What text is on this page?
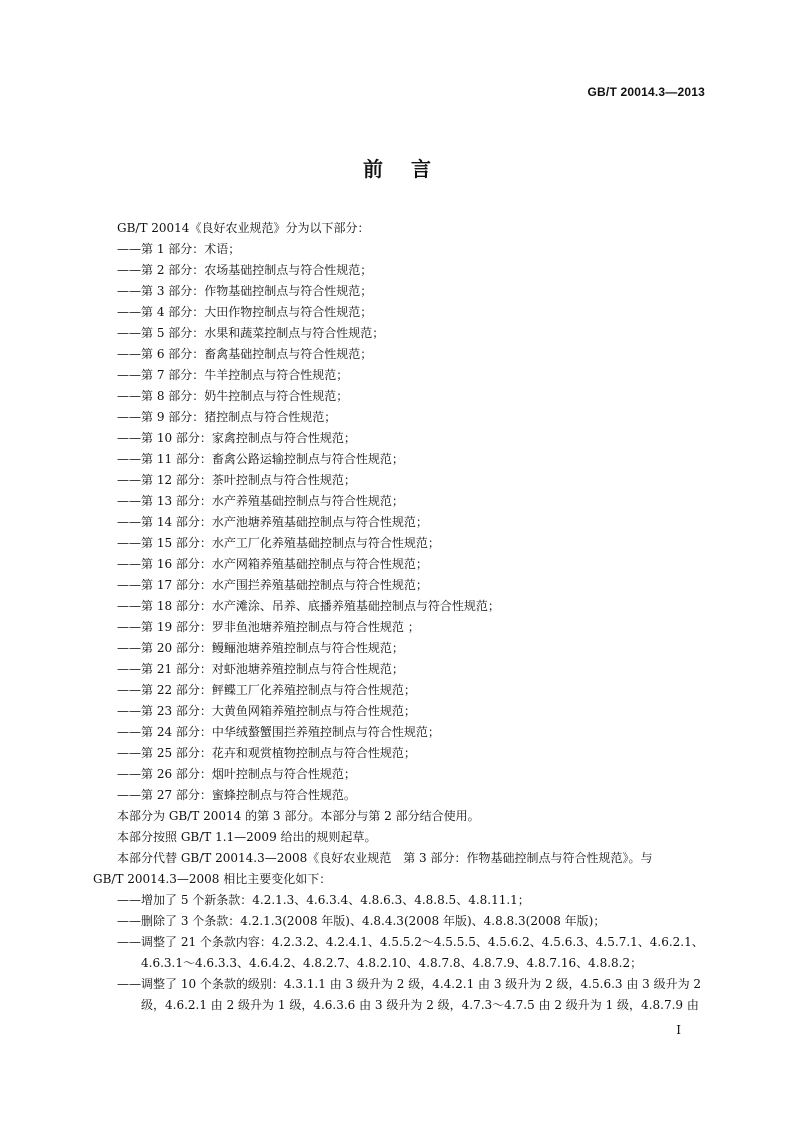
GB/T 20014.3—2013
前言
GB/T 20014《良好农业规范》分为以下部分：
——第 1 部分：术语；
——第 2 部分：农场基础控制点与符合性规范；
——第 3 部分：作物基础控制点与符合性规范；
——第 4 部分：大田作物控制点与符合性规范；
——第 5 部分：水果和蔬菜控制点与符合性规范；
——第 6 部分：畜禽基础控制点与符合性规范；
——第 7 部分：牛羊控制点与符合性规范；
——第 8 部分：奶牛控制点与符合性规范；
——第 9 部分：猪控制点与符合性规范；
——第 10 部分：家禽控制点与符合性规范；
——第 11 部分：畜禽公路运输控制点与符合性规范；
——第 12 部分：茶叶控制点与符合性规范；
——第 13 部分：水产养殖基础控制点与符合性规范；
——第 14 部分：水产池塘养殖基础控制点与符合性规范；
——第 15 部分：水产工厂化养殖基础控制点与符合性规范；
——第 16 部分：水产网箱养殖基础控制点与符合性规范；
——第 17 部分：水产围拦养殖基础控制点与符合性规范；
——第 18 部分：水产滩涂、吊养、底播养殖基础控制点与符合性规范；
——第 19 部分：罗非鱼池塘养殖控制点与符合性规范 ；
——第 20 部分：鳗鲡池塘养殖控制点与符合性规范；
——第 21 部分：对虾池塘养殖控制点与符合性规范；
——第 22 部分：鲆鲽工厂化养殖控制点与符合性规范；
——第 23 部分：大黄鱼网箱养殖控制点与符合性规范；
——第 24 部分：中华绒螯蟹围拦养殖控制点与符合性规范；
——第 25 部分：花卉和观赏植物控制点与符合性规范；
——第 26 部分：烟叶控制点与符合性规范；
——第 27 部分：蜜蜂控制点与符合性规范。
本部分为 GB/T 20014 的第 3 部分。本部分与第 2 部分结合使用。
本部分按照 GB/T 1.1—2009 给出的规则起草。
本部分代替 GB/T 20014.3—2008《良好农业规范　第 3 部分：作物基础控制点与符合性规范》。与
GB/T 20014.3—2008 相比主要变化如下：
——增加了 5 个新条款：4.2.1.3、4.6.3.4、4.8.6.3、4.8.8.5、4.8.11.1；
——删除了 3 个条款：4.2.1.3(2008 年版)、4.8.4.3(2008 年版)、4.8.8.3(2008 年版)；
——调整了 21 个条款内容：4.2.3.2、4.2.4.1、4.5.5.2～4.5.5.5、4.5.6.2、4.5.6.3、4.5.7.1、4.6.2.1、4.6.3.1～4.6.3.3、4.6.4.2、4.8.2.7、4.8.2.10、4.8.7.8、4.8.7.9、4.8.7.16、4.8.8.2；
——调整了 10 个条款的级别：4.3.1.1 由 3 级升为 2 级，4.4.2.1 由 3 级升为 2 级，4.5.6.3 由 3 级升为 2 级，4.6.2.1 由 2 级升为 1 级，4.6.3.6 由 3 级升为 2 级，4.7.3～4.7.5 由 2 级升为 1 级，4.8.7.9 由
I
